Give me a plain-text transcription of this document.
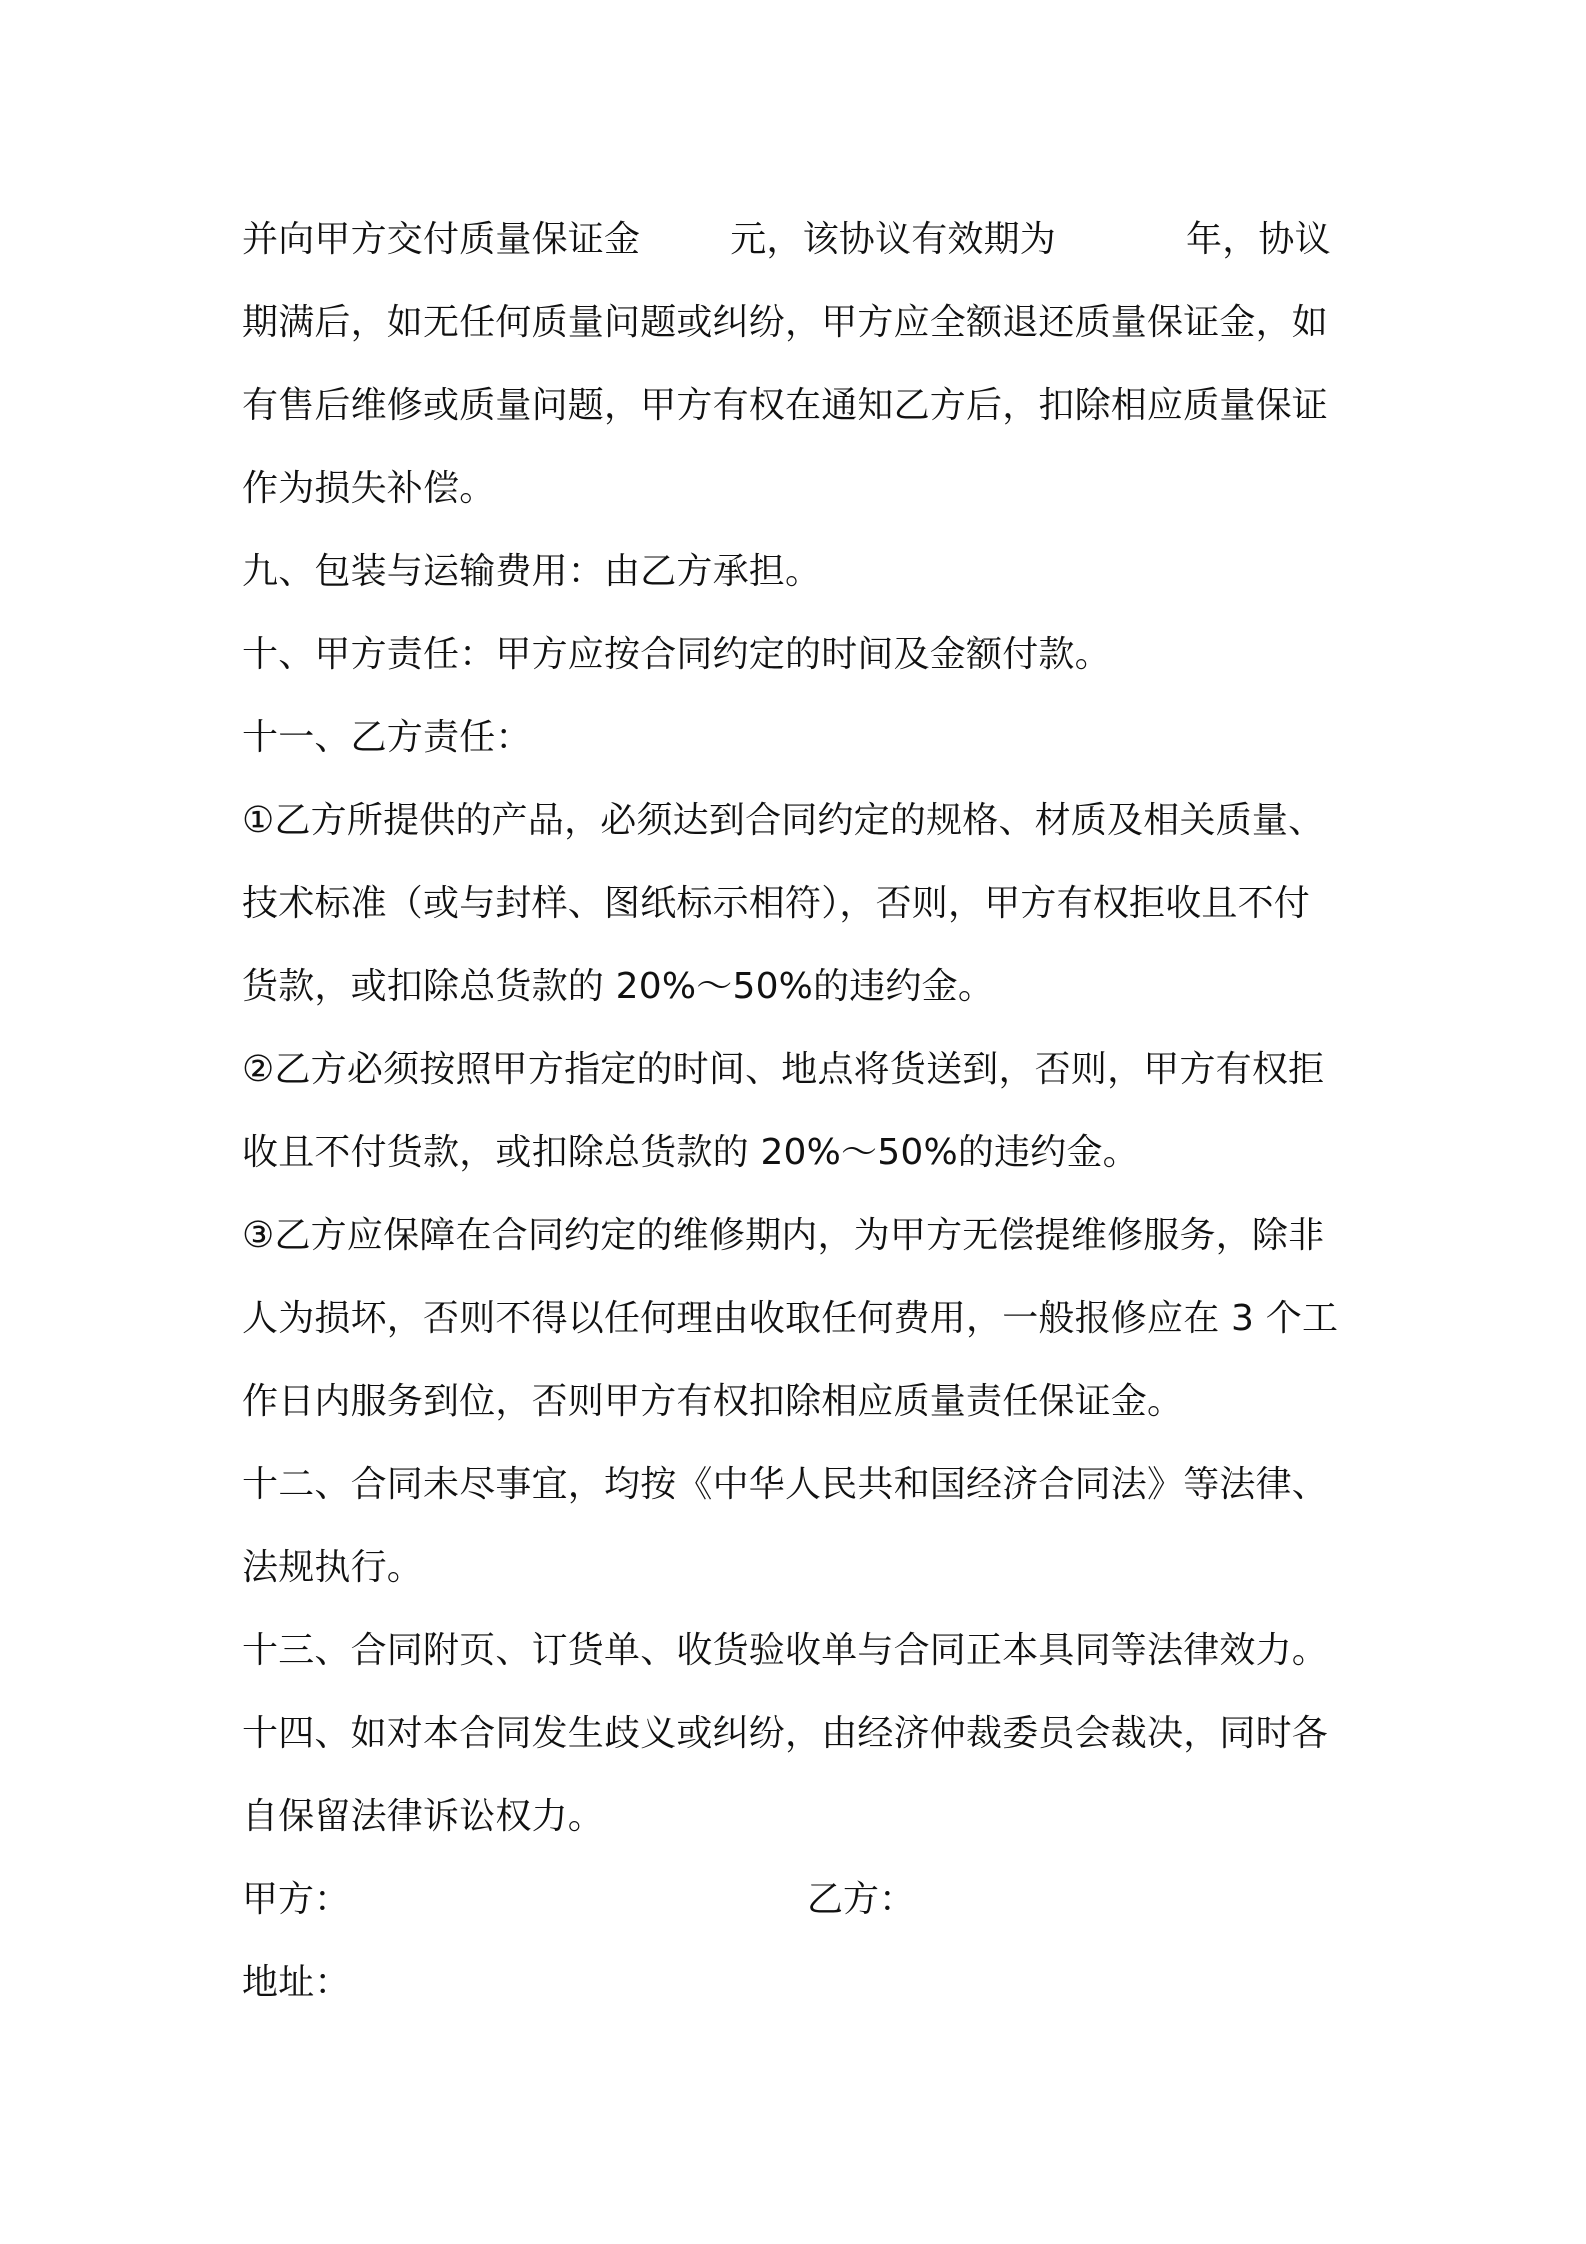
并向甲方交付质量保证金	元，该协议有效期为	年，协议
期满后，如无任何质量问题或纠纷，甲方应全额退还质量保证金，如
有售后维修或质量问题，甲方有权在通知乙方后，扣除相应质量保证
作为损失补偿。
九、包装与运输费用：由乙方承担。
十、甲方责任：甲方应按合同约定的时间及金额付款。
十一、乙方责任：
①乙方所提供的产品，必须达到合同约定的规格、材质及相关质量、
技术标准（或与封样、图纸标示相符），否则，甲方有权拒收且不付
货款，或扣除总货款的 20%～50%的违约金。
②乙方必须按照甲方指定的时间、地点将货送到，否则，甲方有权拒
收且不付货款，或扣除总货款的 20%～50%的违约金。
③乙方应保障在合同约定的维修期内，为甲方无偿提维修服务，除非
人为损坏，否则不得以任何理由收取任何费用，一般报修应在 3 个工
作日内服务到位，否则甲方有权扣除相应质量责任保证金。
十二、合同未尽事宜，均按《中华人民共和国经济合同法》等法律、
法规执行。
十三、合同附页、订货单、收货验收单与合同正本具同等法律效力。
十四、如对本合同发生歧义或纠纷，由经济仲裁委员会裁决，同时各
自保留法律诉讼权力。
甲方：	乙方：
地址：
